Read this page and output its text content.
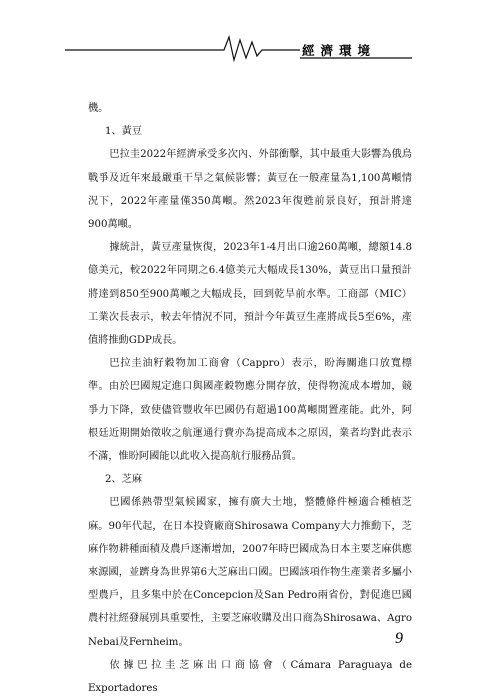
經濟環境

機。

1、黃豆

巴拉圭2022年經濟承受多次內、外部衝擊，其中最重大影響為俄烏戰爭及近年來最嚴重干旱之氣候影響；黃豆在一般產量為1,100萬噸情況下，2022年產量僅350萬噸。然2023年復甦前景良好，預計將達900萬噸。

據統計，黃豆產量恢復，2023年1-4月出口逾260萬噸，總額14.8億美元，較2022年同期之6.4億美元大幅成長130%，黃豆出口量預計將達到850至900萬噸之大幅成長，回到乾旱前水準。工商部（MIC）工業次長表示，較去年情況不同，預計今年黃豆生產將成長5至6%，產值將推動GDP成長。

巴拉圭油籽穀物加工商會（Cappro）表示，盼海關進口放寬標準。由於巴國規定進口與國產穀物應分開存放，使得物流成本增加，競爭力下降，致使儘管豐收年巴國仍有超過100萬噸閒置產能。此外，阿根廷近期開始徵收之航運通行費亦為提高成本之原因，業者均對此表示不滿，惟盼阿國能以此收入提高航行服務品質。

2、芝麻

巴國係熱帶型氣候國家，擁有廣大土地，整體條件極適合種植芝麻。90年代起，在日本投資廠商Shirosawa Company大力推動下，芝麻作物耕種面積及農戶逐漸增加，2007年時巴國成為日本主要芝麻供應來源國，並躋身為世界第6大芝麻出口國。巴國該項作物生產業者多屬小型農戶，且多集中於在Concepcion及San Pedro兩省份，對促進巴國農村社經發展別具重要性，主要芝麻收購及出口商為Shirosawa、Agro Nebai及Fernheim。

依據巴拉圭芝麻出口商協會（Cámara Paraguaya de Exportadores

9
